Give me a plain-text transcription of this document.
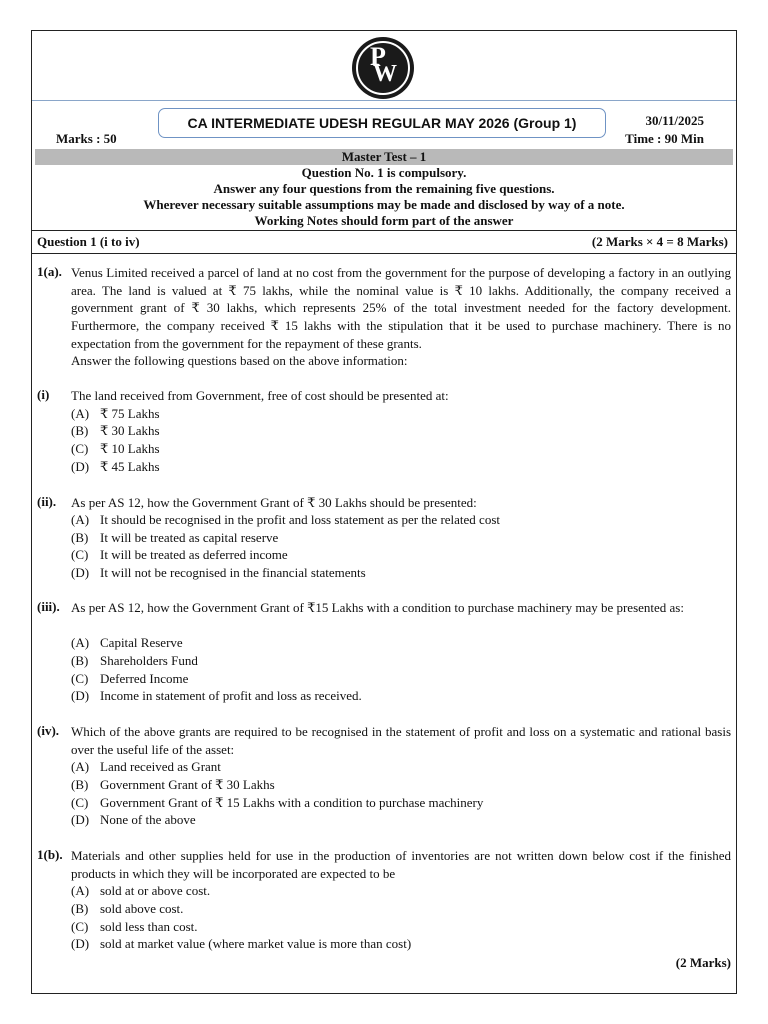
P
W
CA INTERMEDIATE UDESH REGULAR MAY 2026 (Group 1)	30/11/2025
Time : 90 Min
Marks : 50
Master Test – 1
Question No. 1 is compulsory.
Answer any four questions from the remaining five questions.
Wherever necessary suitable assumptions may be made and disclosed by way of a note.
Working Notes should form part of the answer
Question 1 (i to iv)	(2 Marks × 4 = 8 Marks)
1(a). Venus Limited received a parcel of land at no cost from the government for the purpose of developing a factory in an outlying area. The land is valued at ₹ 75 lakhs, while the nominal value is ₹ 10 lakhs. Additionally, the company received a government grant of ₹ 30 lakhs, which represents 25% of the total investment needed for the factory development. Furthermore, the company received ₹ 15 lakhs with the stipulation that it be used to purchase machinery. There is no expectation from the government for the repayment of these grants.
Answer the following questions based on the above information:
(i) The land received from Government, free of cost should be presented at:
(A) ₹ 75 Lakhs
(B) ₹ 30 Lakhs
(C) ₹ 10 Lakhs
(D) ₹ 45 Lakhs
(ii). As per AS 12, how the Government Grant of ₹ 30 Lakhs should be presented:
(A) It should be recognised in the profit and loss statement as per the related cost
(B) It will be treated as capital reserve
(C) It will be treated as deferred income
(D) It will not be recognised in the financial statements
(iii). As per AS 12, how the Government Grant of ₹15 Lakhs with a condition to purchase machinery may be presented as:
(A) Capital Reserve
(B) Shareholders Fund
(C) Deferred Income
(D) Income in statement of profit and loss as received.
(iv). Which of the above grants are required to be recognised in the statement of profit and loss on a systematic and rational basis over the useful life of the asset:
(A) Land received as Grant
(B) Government Grant of ₹ 30 Lakhs
(C) Government Grant of ₹ 15 Lakhs with a condition to purchase machinery
(D) None of the above
1(b). Materials and other supplies held for use in the production of inventories are not written down below cost if the finished products in which they will be incorporated are expected to be
(A) sold at or above cost.
(B) sold above cost.
(C) sold less than cost.
(D) sold at market value (where market value is more than cost)
(2 Marks)
